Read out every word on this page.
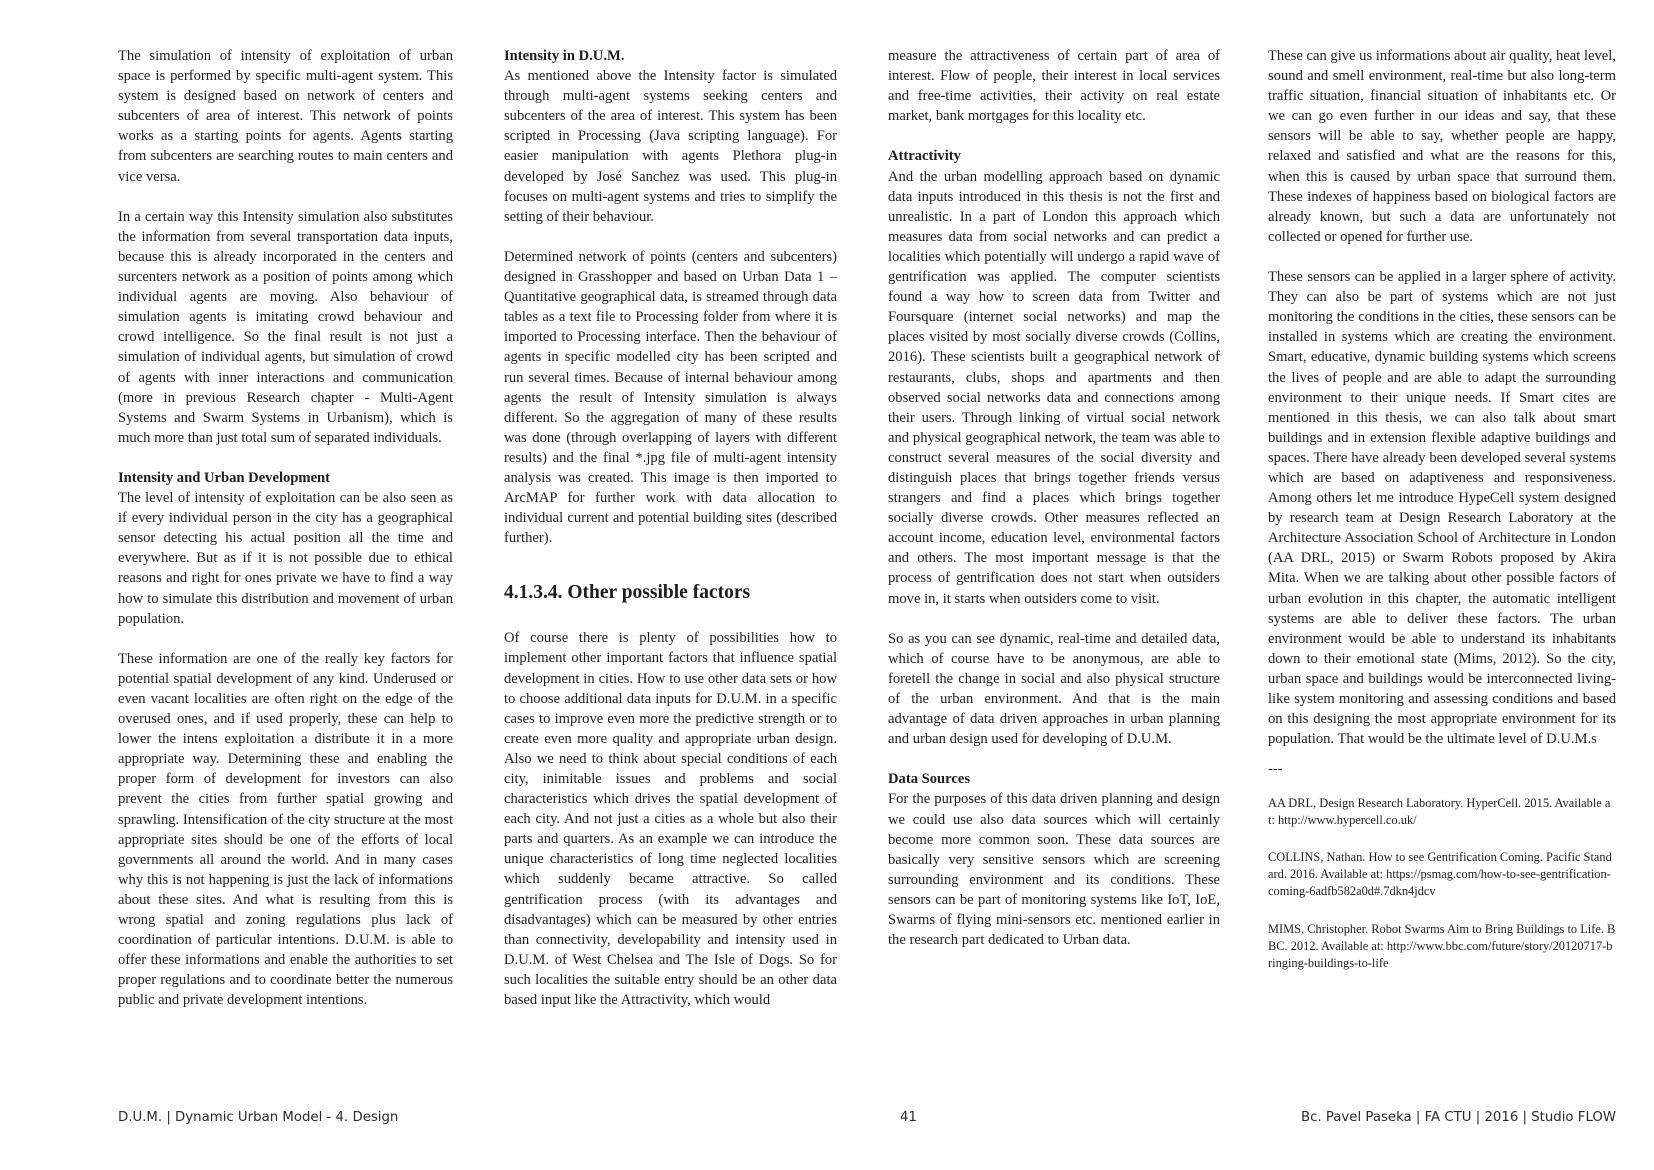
The simulation of intensity of exploitation of urban space is performed by specific multi-agent system. This system is designed based on network of centers and subcenters of area of interest. This network of points works as a starting points for agents. Agents starting from subcenters are searching routes to main centers and vice versa.

In a certain way this Intensity simulation also substitutes the information from several transportation data inputs, because this is already incorporated in the centers and surcenters network as a position of points among which individual agents are moving. Also behaviour of simulation agents is imitating crowd behaviour and crowd intelligence. So the final result is not just a simulation of individual agents, but simulation of crowd of agents with inner interactions and communication (more in previous Research chapter - Multi-Agent Systems and Swarm Systems in Urbanism), which is much more than just total sum of separated individuals.

Intensity and Urban Development

The level of intensity of exploitation can be also seen as if every individual person in the city has a geographical sensor detecting his actual position all the time and everywhere. But as if it is not possible due to ethical reasons and right for ones private we have to find a way how to simulate this distribution and movement of urban population.

These information are one of the really key factors for potential spatial development of any kind. Underused or even vacant localities are often right on the edge of the overused ones, and if used properly, these can help to lower the intens exploitation a distribute it in a more appropriate way. Determining these and enabling the proper form of development for investors can also prevent the cities from further spatial growing and sprawling. Intensification of the city structure at the most appropriate sites should be one of the efforts of local governments all around the world. And in many cases why this is not happening is just the lack of informations about these sites. And what is resulting from this is wrong spatial and zoning regulations plus lack of coordination of particular intentions. D.U.M. is able to offer these informations and enable the authorities to set proper regulations and to coordinate better the numerous public and private development intentions.

Intensity in D.U.M.

As mentioned above the Intensity factor is simulated through multi-agent systems seeking centers and subcenters of the area of interest. This system has been scripted in Processing (Java scripting language). For easier manipulation with agents Plethora plug-in developed by José Sanchez was used. This plug-in focuses on multi-agent systems and tries to simplify the setting of their behaviour.

Determined network of points (centers and subcenters) designed in Grasshopper and based on Urban Data 1 – Quantitative geographical data, is streamed through data tables as a text file to Processing folder from where it is imported to Processing interface. Then the behaviour of agents in specific modelled city has been scripted and run several times. Because of internal behaviour among agents the result of Intensity simulation is always different. So the aggregation of many of these results was done (through overlapping of layers with different results) and the final *.jpg file of multi-agent intensity analysis was created. This image is then imported to ArcMAP for further work with data allocation to individual current and potential building sites (described further).

4.1.3.4. Other possible factors

Of course there is plenty of possibilities how to implement other important factors that influence spatial development in cities. How to use other data sets or how to choose additional data inputs for D.U.M. in a specific cases to improve even more the predictive strength or to create even more quality and appropriate urban design. Also we need to think about special conditions of each city, inimitable issues and problems and social characteristics which drives the spatial development of each city. And not just a cities as a whole but also their parts and quarters. As an example we can introduce the unique characteristics of long time neglected localities which suddenly became attractive. So called gentrification process (with its advantages and disadvantages) which can be measured by other entries than connectivity, developability and intensity used in D.U.M. of West Chelsea and The Isle of Dogs. So for such localities the suitable entry should be an other data based input like the Attractivity, which would

measure the attractiveness of certain part of area of interest. Flow of people, their interest in local services and free-time activities, their activity on real estate market, bank mortgages for this locality etc.

Attractivity

And the urban modelling approach based on dynamic data inputs introduced in this thesis is not the first and unrealistic. In a part of London this approach which measures data from social networks and can predict a localities which potentially will undergo a rapid wave of gentrification was applied. The computer scientists found a way how to screen data from Twitter and Foursquare (internet social networks) and map the places visited by most socially diverse crowds (Collins, 2016). These scientists built a geographical network of restaurants, clubs, shops and apartments and then observed social networks data and connections among their users. Through linking of virtual social network and physical geographical network, the team was able to construct several measures of the social diversity and distinguish places that brings together friends versus strangers and find a places which brings together socially diverse crowds. Other measures reflected an account income, education level, environmental factors and others. The most important message is that the process of gentrification does not start when outsiders move in, it starts when outsiders come to visit.

So as you can see dynamic, real-time and detailed data, which of course have to be anonymous, are able to foretell the change in social and also physical structure of the urban environment. And that is the main advantage of data driven approaches in urban planning and urban design used for developing of D.U.M.

Data Sources

For the purposes of this data driven planning and design we could use also data sources which will certainly become more common soon. These data sources are basically very sensitive sensors which are screening surrounding environment and its conditions. These sensors can be part of monitoring systems like IoT, IoE, Swarms of flying mini-sensors etc. mentioned earlier in the research part dedicated to Urban data.

These can give us informations about air quality, heat level, sound and smell environment, real-time but also long-term traffic situation, financial situation of inhabitants etc. Or we can go even further in our ideas and say, that these sensors will be able to say, whether people are happy, relaxed and satisfied and what are the reasons for this, when this is caused by urban space that surround them. These indexes of happiness based on biological factors are already known, but such a data are unfortunately not collected or opened for further use.

These sensors can be applied in a larger sphere of activity. They can also be part of systems which are not just monitoring the conditions in the cities, these sensors can be installed in systems which are creating the environment. Smart, educative, dynamic building systems which screens the lives of people and are able to adapt the surrounding environment to their unique needs. If Smart cites are mentioned in this thesis, we can also talk about smart buildings and in extension flexible adaptive buildings and spaces. There have already been developed several systems which are based on adaptiveness and responsiveness. Among others let me introduce HypeCell system designed by research team at Design Research Laboratory at the Architecture Association School of Architecture in London (AA DRL, 2015) or Swarm Robots proposed by Akira Mita. When we are talking about other possible factors of urban evolution in this chapter, the automatic intelligent systems are able to deliver these factors. The urban environment would be able to understand its inhabitants down to their emotional state (Mims, 2012). So the city, urban space and buildings would be interconnected living-like system monitoring and assessing conditions and based on this designing the most appropriate environment for its population. That would be the ultimate level of D.U.M.s

---

AA DRL, Design Research Laboratory. HyperCell. 2015. Available at: http://www.hypercell.co.uk/

COLLINS, Nathan. How to see Gentrification Coming. Pacific Standard. 2016. Available at: https://psmag.com/how-to-see-gentrification-coming-6adfb582a0d#.7dkn4jdcv

MIMS, Christopher. Robot Swarms Aim to Bring Buildings to Life. BBC. 2012. Available at: http://www.bbc.com/future/story/20120717-bringing-buildings-to-life

D.U.M. | Dynamic Urban Model - 4. Design	41	Bc. Pavel Paseka | FA CTU | 2016 | Studio FLOW
